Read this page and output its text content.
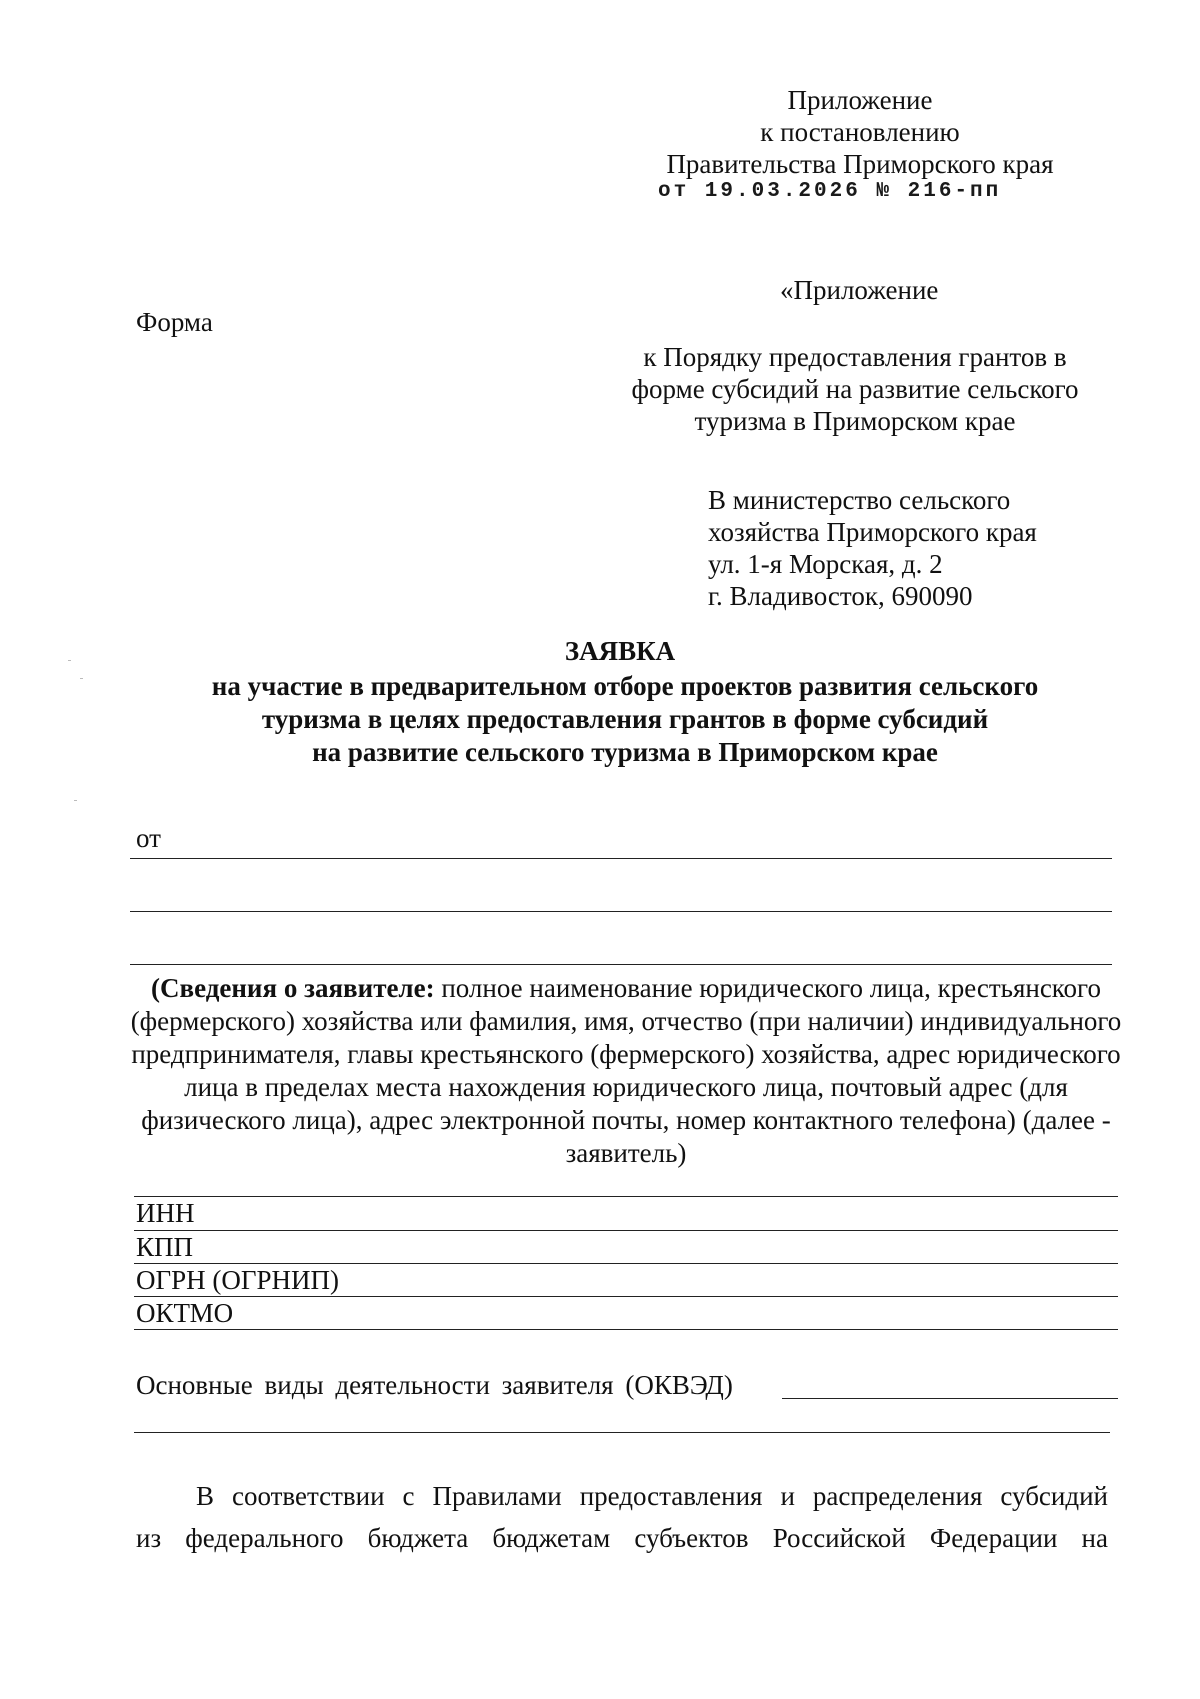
Приложение
к постановлению
Правительства Приморского края
от 19.03.2026 № 216-пп
Форма
«Приложение
к Порядку предоставления грантов в
форме субсидий на развитие сельского
туризма в Приморском крае
В министерство сельского
хозяйства Приморского края
ул. 1-я Морская, д. 2
г. Владивосток, 690090
ЗАЯВКА
на участие в предварительном отборе проектов развития сельского
туризма в целях предоставления грантов в форме субсидий
на развитие сельского туризма в Приморском крае
от
(Сведения о заявителе: полное наименование юридического лица, крестьянского (фермерского) хозяйства или фамилия, имя, отчество (при наличии) индивидуального предпринимателя, главы крестьянского (фермерского) хозяйства, адрес юридического лица в пределах места нахождения юридического лица, почтовый адрес (для физического лица), адрес электронной почты, номер контактного телефона) (далее - заявитель)
ИНН
КПП
ОГРН (ОГРНИП)
ОКТМО
Основные виды деятельности заявителя (ОКВЭД)
В соответствии с Правилами предоставления и распределения субсидий
из федерального бюджета бюджетам субъектов Российской Федерации на
